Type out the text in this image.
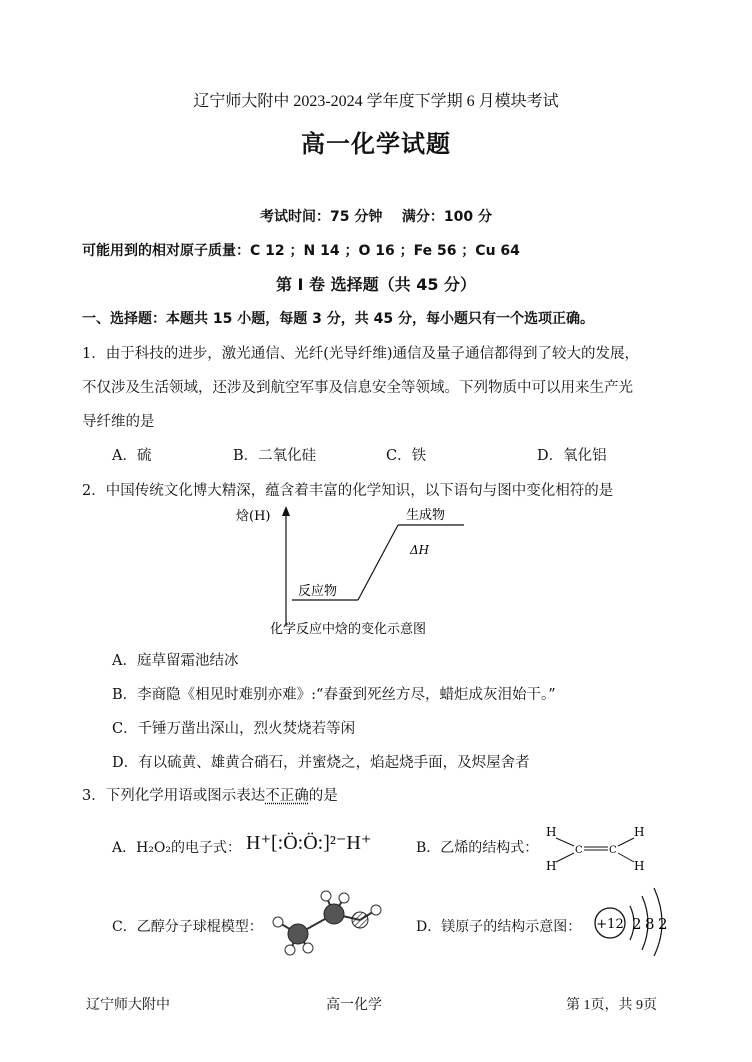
辽宁师大附中 2023-2024 学年度下学期 6 月模块考试
高一化学试题
考试时间：75 分钟    满分：100 分
可能用到的相对原子质量：C 12 ；N 14 ；O 16 ；Fe 56 ；Cu 64
第 I 卷 选择题（共 45 分）
一、选择题：本题共 15 小题，每题 3 分，共 45 分，每小题只有一个选项正确。
1．由于科技的进步，激光通信、光纤(光导纤维)通信及量子通信都得到了较大的发展，
不仅涉及生活领域，还涉及到航空军事及信息安全等领域。下列物质中可以用来生产光
导纤维的是
A．硫	B．二氧化硅	C．铁	D．氧化铝
2．中国传统文化博大精深，蕴含着丰富的化学知识，以下语句与图中变化相符的是
焓(H)	生成物
ΔH
反应物
化学反应中焓的变化示意图
A．庭草留霜池结冰
B．李商隐《相见时难别亦难》:“春蚕到死丝方尽，蜡炬成灰泪始干。”
C．千锤万凿出深山，烈火焚烧若等闲
D．有以硫黄、雄黄合硝石，并蜜烧之，焰起烧手面，及烬屋舍者
3．下列化学用语或图示表达不正确的是
A．H₂O₂的电子式： H⁺[:Ö:Ö:]²⁻H⁺	B．乙烯的结构式：
H
H
H
H
C	C
C．乙醇分子球棍模型：	D．镁原子的结构示意图： +12 2 8 2
辽宁师大附中	高一化学	第 1页，共 9页
